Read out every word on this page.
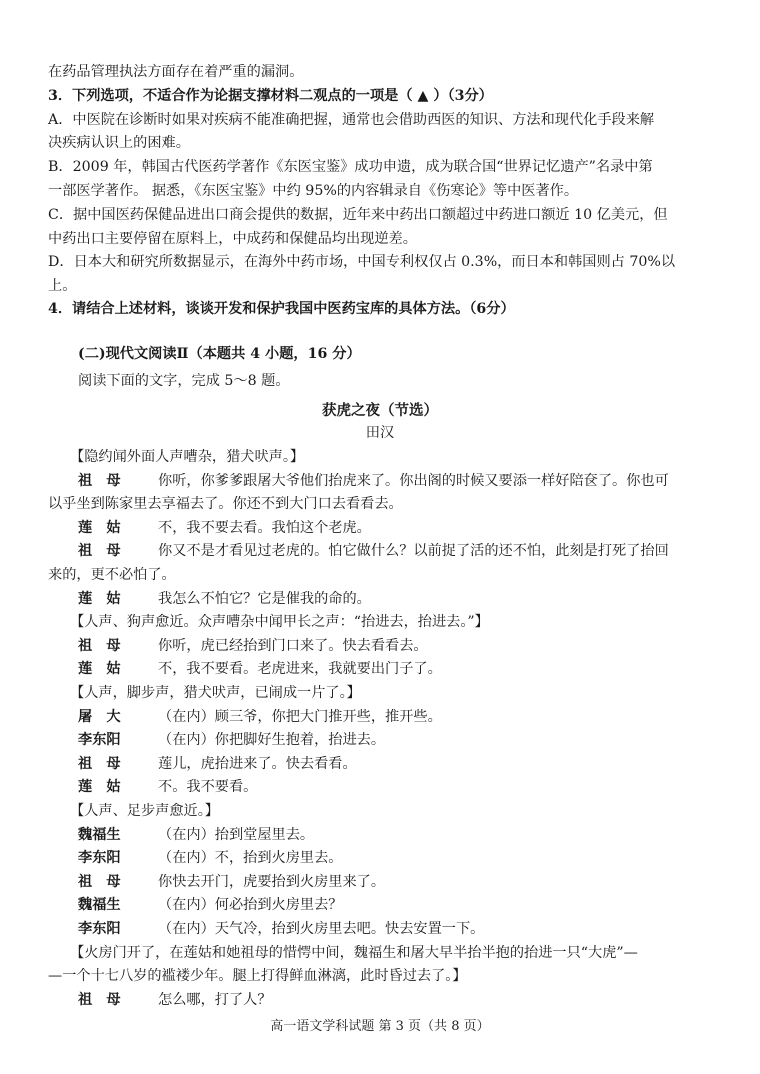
在药品管理执法方面存在着严重的漏洞。
3．下列选项，不适合作为论据支撑材料二观点的一项是（ ▲ ）（3分）
A．中医院在诊断时如果对疾病不能准确把握，通常也会借助西医的知识、方法和现代化手段来解
决疾病认识上的困难。
B．2009 年，韩国古代医药学著作《东医宝鉴》成功申遗，成为联合国“世界记忆遗产”名录中第
一部医学著作。 据悉，《东医宝鉴》中约 95%的内容辑录自《伤寒论》等中医著作。
C．据中国医药保健品进出口商会提供的数据，近年来中药出口额超过中药进口额近 10 亿美元，但
中药出口主要停留在原料上，中成药和保健品均出现逆差。
D．日本大和研究所数据显示，在海外中药市场，中国专利权仅占 0.3%，而日本和韩国则占 70%以
上。
4．请结合上述材料，谈谈开发和保护我国中医药宝库的具体方法。（6分）
(二)现代文阅读Ⅱ（本题共 4 小题，16 分）
阅读下面的文字，完成 5～8 题。
获虎之夜（节选）
田汉
【隐约闻外面人声嘈杂，猎犬吠声。】
祖　母	你听，你爹爹跟屠大爷他们抬虎来了。你出阁的时候又要添一样好陪奁了。你也可
以乎坐到陈家里去享福去了。你还不到大门口去看看去。
莲　姑	不，我不要去看。我怕这个老虎。
祖　母	你又不是才看见过老虎的。怕它做什么？以前捉了活的还不怕，此刻是打死了抬回
来的，更不必怕了。
莲　姑	我怎么不怕它？它是催我的命的。
【人声、狗声愈近。众声嘈杂中闻甲长之声：“抬进去，抬进去。”】
祖　母	你听，虎已经抬到门口来了。快去看看去。
莲　姑	不，我不要看。老虎进来，我就要出门子了。
【人声，脚步声，猎犬吠声，已闹成一片了。】
屠　大	（在内）顾三爷，你把大门推开些，推开些。
李东阳	（在内）你把脚好生抱着，抬进去。
祖　母	莲儿，虎抬进来了。快去看看。
莲　姑	不。我不要看。
【人声、足步声愈近。】
魏福生	（在内）抬到堂屋里去。
李东阳	（在内）不，抬到火房里去。
祖　母	你快去开门，虎要抬到火房里来了。
魏福生	（在内）何必抬到火房里去？
李东阳	（在内）天气冷，抬到火房里去吧。快去安置一下。
【火房门开了，在莲姑和她祖母的惜愕中间，魏福生和屠大早半抬半抱的抬进一只“大虎”—
—一个十七八岁的褴褛少年。腿上打得鲜血淋漓，此时昏过去了。】
祖　母	怎么哪，打了人？
高一语文学科试题 第 3 页（共 8 页）
